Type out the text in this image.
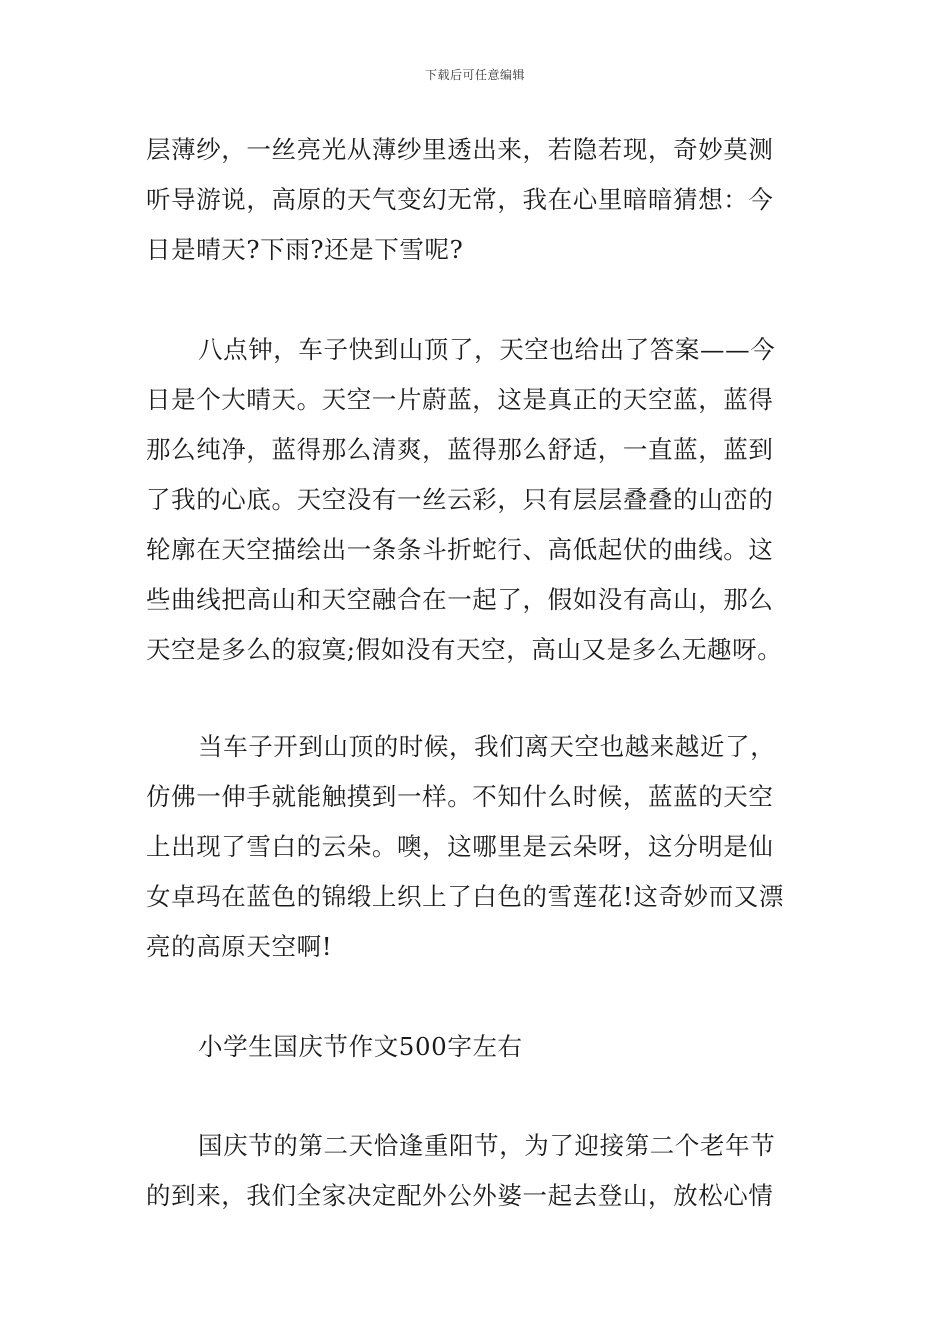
下载后可任意编辑
层薄纱，一丝亮光从薄纱里透出来，若隐若现，奇妙莫测
听导游说，高原的天气变幻无常，我在心里暗暗猜想：今
日是晴天?下雨?还是下雪呢?
八点钟，车子快到山顶了，天空也给出了答案——今
日是个大晴天。天空一片蔚蓝，这是真正的天空蓝，蓝得
那么纯净，蓝得那么清爽，蓝得那么舒适，一直蓝，蓝到
了我的心底。天空没有一丝云彩，只有层层叠叠的山峦的
轮廓在天空描绘出一条条斗折蛇行、高低起伏的曲线。这
些曲线把高山和天空融合在一起了，假如没有高山，那么
天空是多么的寂寞;假如没有天空，高山又是多么无趣呀。
当车子开到山顶的时候，我们离天空也越来越近了，
仿佛一伸手就能触摸到一样。不知什么时候，蓝蓝的天空
上出现了雪白的云朵。噢，这哪里是云朵呀，这分明是仙
女卓玛在蓝色的锦缎上织上了白色的雪莲花!这奇妙而又漂
亮的高原天空啊!
小学生国庆节作文500字左右
国庆节的第二天恰逢重阳节，为了迎接第二个老年节
的到来，我们全家决定配外公外婆一起去登山，放松心情
